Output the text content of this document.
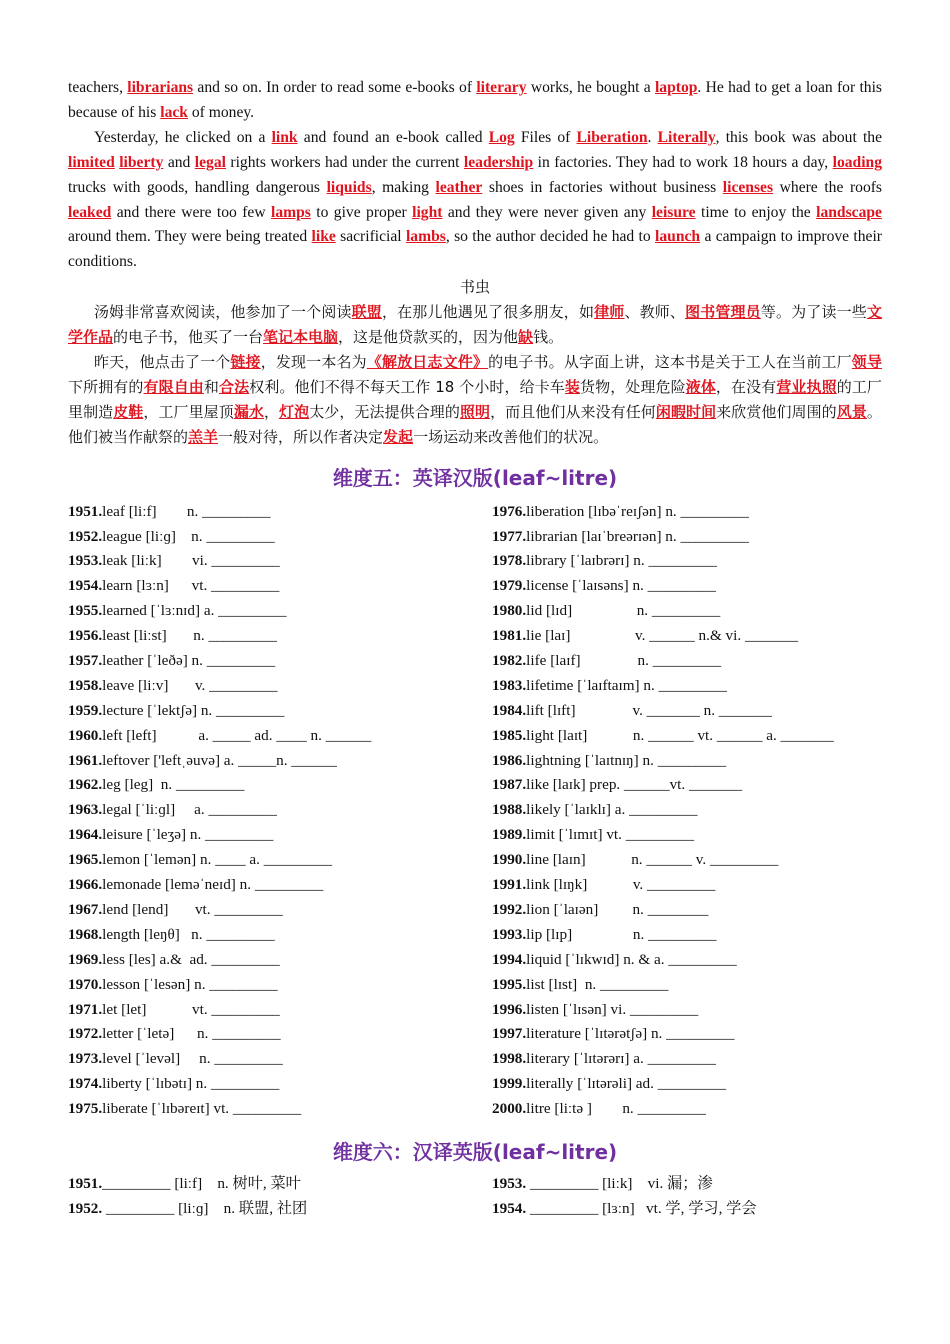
teachers, librarians and so on. In order to read some e-books of literary works, he bought a laptop. He had to get a loan for this because of his lack of money.

Yesterday, he clicked on a link and found an e-book called Log Files of Liberation. Literally, this book was about the limited liberty and legal rights workers had under the current leadership in factories. They had to work 18 hours a day, loading trucks with goods, handling dangerous liquids, making leather shoes in factories without business licenses where the roofs leaked and there were too few lamps to give proper light and they were never given any leisure time to enjoy the landscape around them. They were being treated like sacrificial lambs, so the author decided he had to launch a campaign to improve their conditions.

书虫

汤姆非常喜欢阅读，他参加了一个阅读联盟，在那儿他遇见了很多朋友，如律师、教师、图书管理员等。为了读一些文学作品的电子书，他买了一台笔记本电脑，这是他贷款买的，因为他缺钱。

昨天，他点击了一个链接，发现一本名为《解放日志文件》的电子书。从字面上讲，这本书是关于工人在当前工厂领导下所拥有的有限自由和合法权利。他们不得不每天工作 18 个小时，给卡车装货物，处理危险液体，在没有营业执照的工厂里制造皮鞋，工厂里屋顶漏水，灯泡太少，无法提供合理的照明，而且他们从来没有任何闲暇时间来欣赏他们周围的风景。他们被当作献祭的羔羊一般对待，所以作者决定发起一场运动来改善他们的状况。

维度五：英译汉版(leaf~litre)
1951.leaf [liːf]        n. _________
1952.league [liːɡ]    n. _________
1953.leak [liːk]        vi. _________
1954.learn [lɜːn]      vt. _________
1955.learned [ˈlɜːnɪd] a. _________
1956.least [liːst]       n. _________
1957.leather [ˈleðə] n. _________
1958.leave [liːv]       v. _________
1959.lecture [ˈlektʃə] n. _________
1960.left [left]           a. _____ ad. ____ n. ______
1961.leftover ['leftˌəuvə] a. _____n. ______
1962.leg [leg]  n. _________
1963.legal [ˈliːɡl]     a. _________
1964.leisure [ˈleʒə] n. _________
1965.lemon [ˈlemən] n. ____ a. _________
1966.lemonade [leməˈneɪd] n. _________
1967.lend [lend]       vt. _________
1968.length [leŋθ]   n. _________
1969.less [les] a.&  ad. _________
1970.lesson [ˈlesən] n. _________
1971.let [let]            vt. _________
1972.letter [ˈletə]      n. _________
1973.level [ˈlevəl]     n. _________
1974.liberty [ˈlɪbətɪ] n. _________
1975.liberate [ˈlɪbəreɪt] vt. _________
1976.liberation [lɪbəˈreɪʃən] n. _________
1977.librarian [laɪˈbreərɪən] n. _________
1978.library [ˈlaɪbrərɪ] n. _________
1979.license [ˈlaɪsəns] n. _________
1980.lid [lɪd]                 n. _________
1981.lie [laɪ]                 v. ______ n.& vi. _______
1982.life [laɪf]               n. _________
1983.lifetime [ˈlaɪftaɪm] n. _________
1984.lift [lɪft]               v. _______ n. _______
1985.light [laɪt]            n. ______ vt. ______ a. _______
1986.lightning [ˈlaɪtnɪŋ] n. _________
1987.like [laɪk] prep. ______vt. _______
1988.likely [ˈlaɪklɪ] a. _________
1989.limit [ˈlɪmɪt] vt. _________
1990.line [laɪn]            n. ______ v. _________
1991.link [lɪŋk]            v. _________
1992.lion [ˈlaɪən]         n. ________
1993.lip [lɪp]                n. _________
1994.liquid [ˈlɪkwɪd] n. & a. _________
1995.list [lɪst]  n. _________
1996.listen [ˈlɪsən] vi. _________
1997.literature [ˈlɪtərətʃə] n. _________
1998.literary [ˈlɪtərərɪ] a. _________
1999.literally [ˈlɪtərəli] ad. _________
2000.litre [liːtə ]        n. _________
维度六：汉译英版(leaf~litre)
1951._________ [liːf]    n. 树叶, 菜叶
1952. _________ [liːɡ]    n. 联盟, 社团
1953. _________ [liːk]    vi. 漏；渗
1954. _________ [lɜːn]   vt. 学, 学习, 学会
